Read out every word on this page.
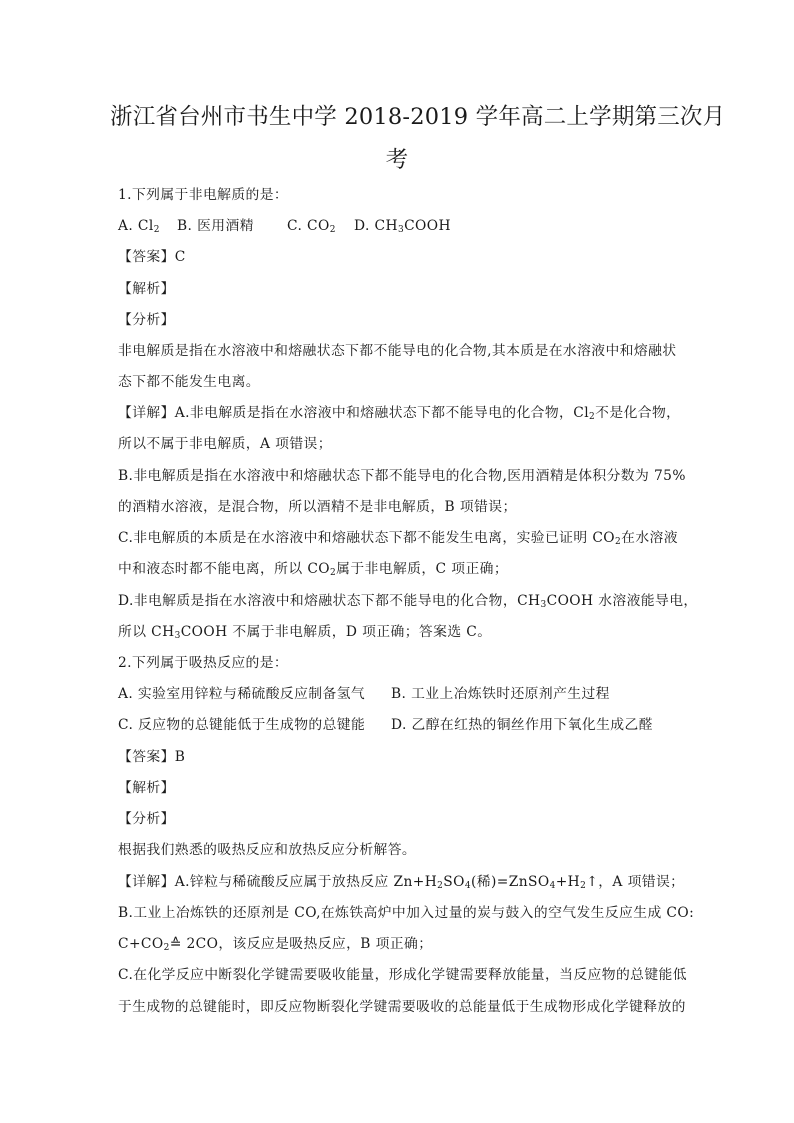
浙江省台州市书生中学 2018-2019 学年高二上学期第三次月
考
1.下列属于非电解质的是：
A. $Cl_2$ B. 医用酒精 C. $CO_2$ D. $CH_3COOH$
【答案】C
【解析】
【分析】
非电解质是指在水溶液中和熔融状态下都不能导电的化合物,其本质是在水溶液中和熔融状
态下都不能发生电离。
【详解】A.非电解质是指在水溶液中和熔融状态下都不能导电的化合物，$Cl_2$不是化合物，
所以不属于非电解质，A 项错误；
B.非电解质是指在水溶液中和熔融状态下都不能导电的化合物,医用酒精是体积分数为 75%
的酒精水溶液，是混合物，所以酒精不是非电解质，B 项错误；
C.非电解质的本质是在水溶液中和熔融状态下都不能发生电离，实验已证明 $CO_2$在水溶液
中和液态时都不能电离，所以 $CO_2$属于非电解质，C 项正确；
D.非电解质是指在水溶液中和熔融状态下都不能导电的化合物，$CH_3COOH$ 水溶液能导电，
所以 $CH_3COOH$ 不属于非电解质，D 项正确；答案选 C。
2.下列属于吸热反应的是：
A. 实验室用锌粒与稀硫酸反应制备氢气 B. 工业上冶炼铁时还原剂产生过程
C. 反应物的总键能低于生成物的总键能 D. 乙醇在红热的铜丝作用下氧化生成乙醛
【答案】B
【解析】
【分析】
根据我们熟悉的吸热反应和放热反应分析解答。
【详解】A.锌粒与稀硫酸反应属于放热反应 $Zn+H_2SO_4$(稀)$=ZnSO_4+H_2↑$，A 项错误；
B.工业上冶炼铁的还原剂是 CO,在炼铁高炉中加入过量的炭与鼓入的空气发生反应生成 CO:
$C+CO_2≙$ 2CO，该反应是吸热反应，B 项正确；
C.在化学反应中断裂化学键需要吸收能量，形成化学键需要释放能量，当反应物的总键能低
于生成物的总键能时，即反应物断裂化学键需要吸收的总能量低于生成物形成化学键释放的
